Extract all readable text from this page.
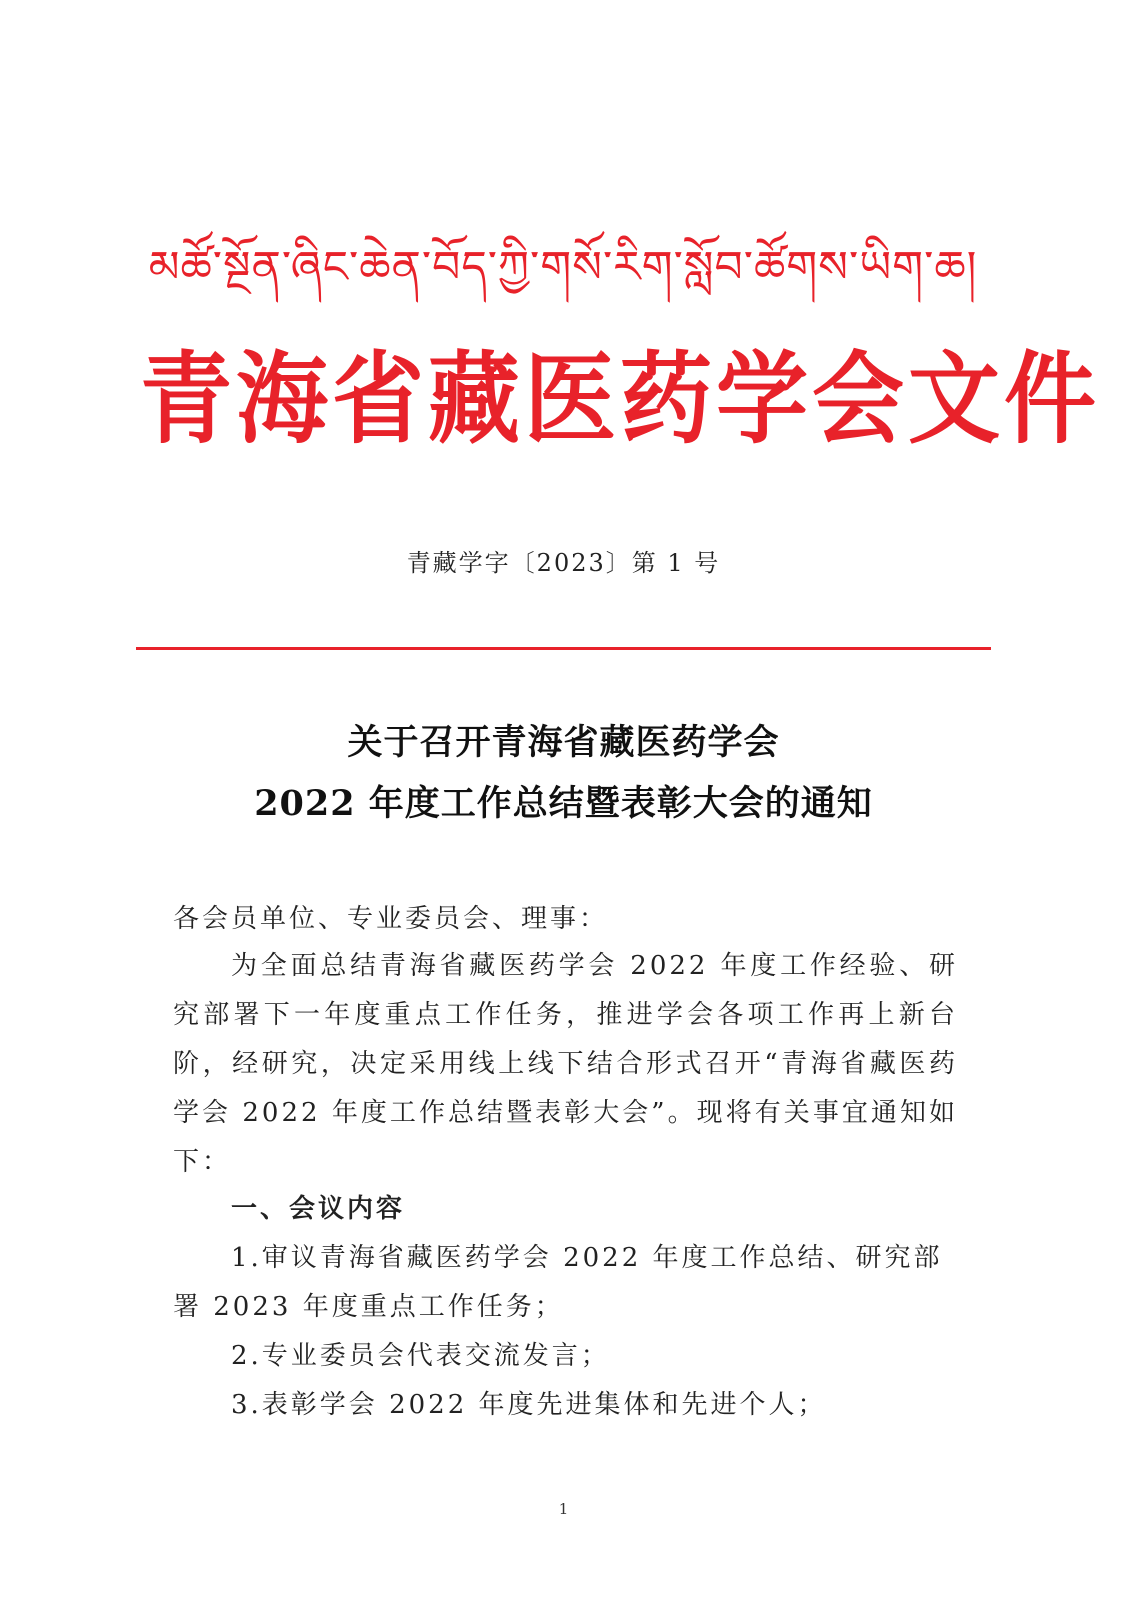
མཚོ་སྔོན་ཞིང་ཆེན་བོད་ཀྱི་གསོ་རིག་སློབ་ཚོགས་ཡིག་ཆ།
青海省藏医药学会文件
青藏学字〔2023〕第 1 号
关于召开青海省藏医药学会
2022 年度工作总结暨表彰大会的通知
各会员单位、专业委员会、理事：
为全面总结青海省藏医药学会 2022 年度工作经验、研究部署下一年度重点工作任务，推进学会各项工作再上新台阶，经研究，决定采用线上线下结合形式召开“青海省藏医药学会 2022 年度工作总结暨表彰大会”。现将有关事宜通知如下：
一、会议内容
1.审议青海省藏医药学会 2022 年度工作总结、研究部
署 2023 年度重点工作任务；
2.专业委员会代表交流发言；
3.表彰学会 2022 年度先进集体和先进个人；
1
